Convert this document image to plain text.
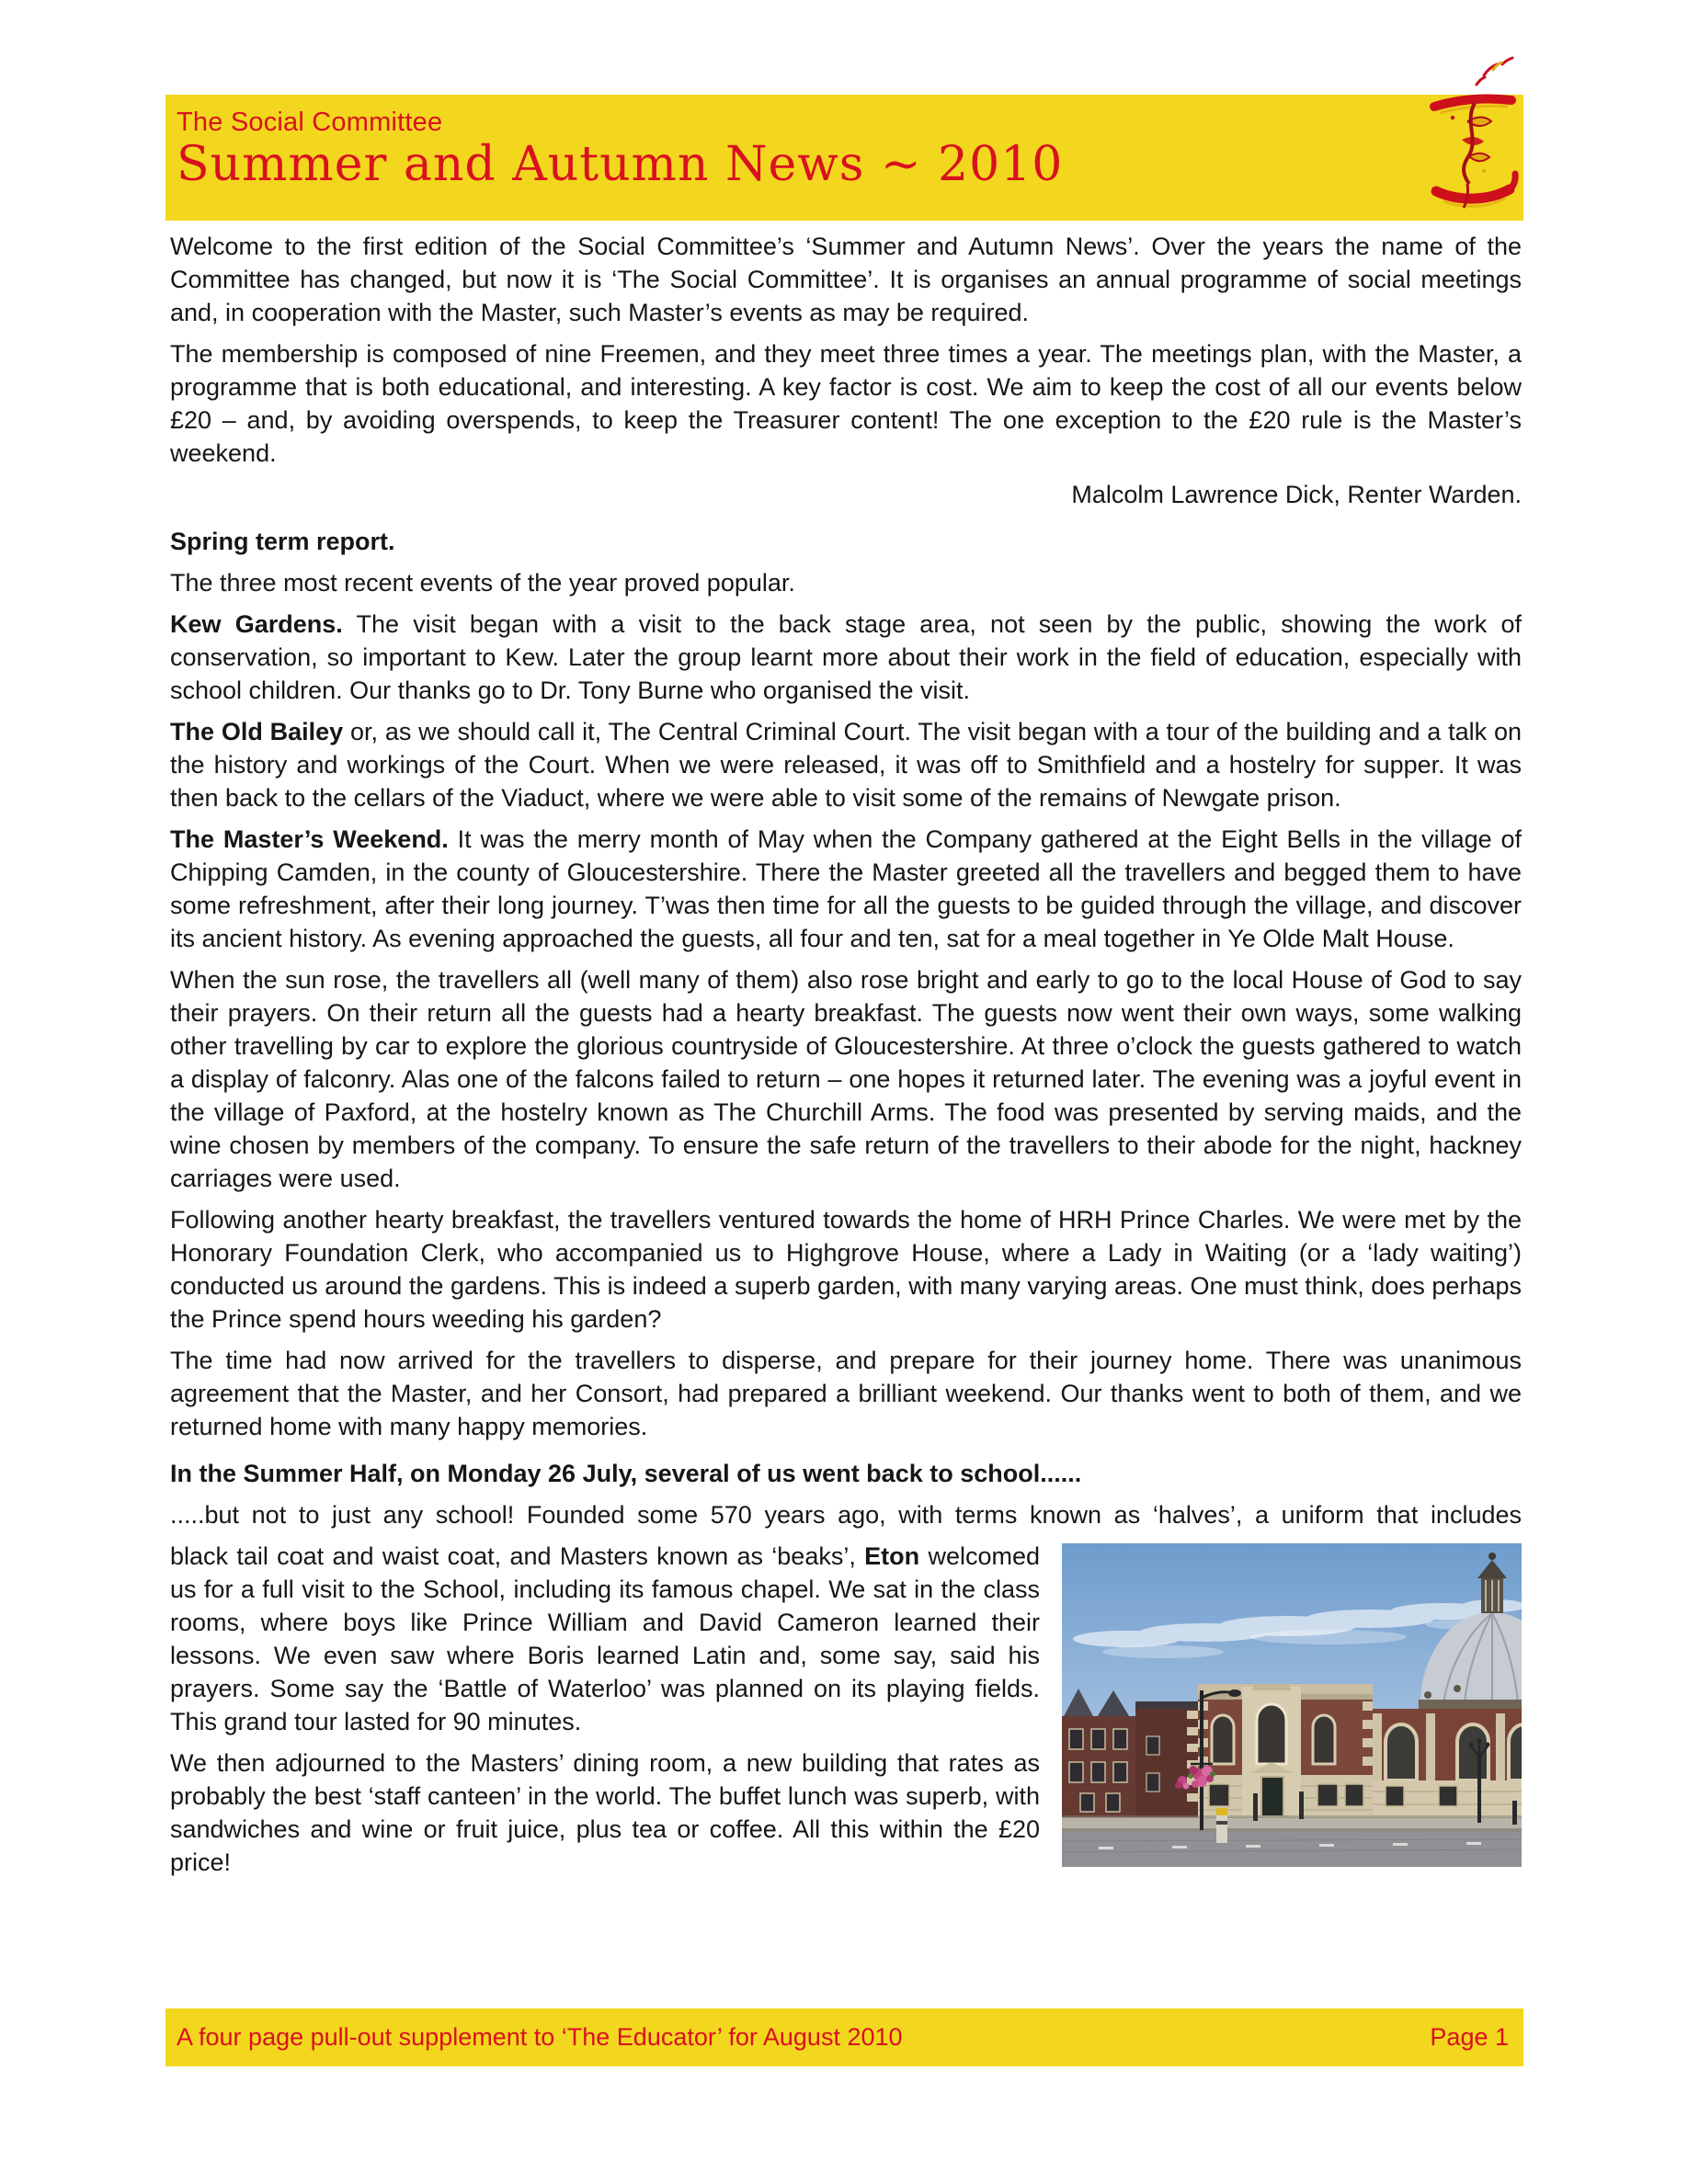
The Social Committee
Summer and Autumn News ~ 2010

Welcome to the first edition of the Social Committee’s ‘Summer and Autumn News’. Over the years the name of the Committee has changed, but now it is ‘The Social Committee’. It is organises an annual programme of social meetings and, in cooperation with the Master, such Master’s events as may be required.

The membership is composed of nine Freemen, and they meet three times a year. The meetings plan, with the Master, a programme that is both educational, and interesting. A key factor is cost. We aim to keep the cost of all our events below £20 – and, by avoiding overspends, to keep the Treasurer content! The one exception to the £20 rule is the Master’s weekend.

Malcolm Lawrence Dick, Renter Warden.

Spring term report.

The three most recent events of the year proved popular.

Kew Gardens. The visit began with a visit to the back stage area, not seen by the public, showing the work of conservation, so important to Kew. Later the group learnt more about their work in the field of education, especially with school children. Our thanks go to Dr. Tony Burne who organised the visit.

The Old Bailey or, as we should call it, The Central Criminal Court. The visit began with a tour of the building and a talk on the history and workings of the Court. When we were released, it was off to Smithfield and a hostelry for supper. It was then back to the cellars of the Viaduct, where we were able to visit some of the remains of Newgate prison.

The Master’s Weekend. It was the merry month of May when the Company gathered at the Eight Bells in the village of Chipping Camden, in the county of Gloucestershire. There the Master greeted all the travellers and begged them to have some refreshment, after their long journey. T’was then time for all the guests to be guided through the village, and discover its ancient history. As evening approached the guests, all four and ten, sat for a meal together in Ye Olde Malt House.

When the sun rose, the travellers all (well many of them) also rose bright and early to go to the local House of God to say their prayers. On their return all the guests had a hearty breakfast. The guests now went their own ways, some walking other travelling by car to explore the glorious countryside of Gloucestershire. At three o’clock the guests gathered to watch a display of falconry. Alas one of the falcons failed to return – one hopes it returned later. The evening was a joyful event in the village of Paxford, at the hostelry known as The Churchill Arms. The food was presented by serving maids, and the wine chosen by members of the company. To ensure the safe return of the travellers to their abode for the night, hackney carriages were used.

Following another hearty breakfast, the travellers ventured towards the home of HRH Prince Charles. We were met by the Honorary Foundation Clerk, who accompanied us to Highgrove House, where a Lady in Waiting (or a ‘lady waiting’) conducted us around the gardens. This is indeed a superb garden, with many varying areas. One must think, does perhaps the Prince spend hours weeding his garden?

The time had now arrived for the travellers to disperse, and prepare for their journey home. There was unanimous agreement that the Master, and her Consort, had prepared a brilliant weekend. Our thanks went to both of them, and we returned home with many happy memories.

In the Summer Half, on Monday 26 July, several of us went back to school......

.....but not to just any school! Founded some 570 years ago, with terms known as ‘halves’, a uniform that includes

black tail coat and waist coat, and Masters known as ‘beaks’, Eton welcomed us for a full visit to the School, including its famous chapel. We sat in the class rooms, where boys like Prince William and David Cameron learned their lessons. We even saw where Boris learned Latin and, some say, said his prayers. Some say the ‘Battle of Waterloo’ was planned on its playing fields. This grand tour lasted for 90 minutes.

We then adjourned to the Masters’ dining room, a new building that rates as probably the best ‘staff canteen’ in the world. The buffet lunch was superb, with sandwiches and wine or fruit juice, plus tea or coffee. All this within the £20 price!

A four page pull-out supplement to ‘The Educator’ for August 2010	Page 1
